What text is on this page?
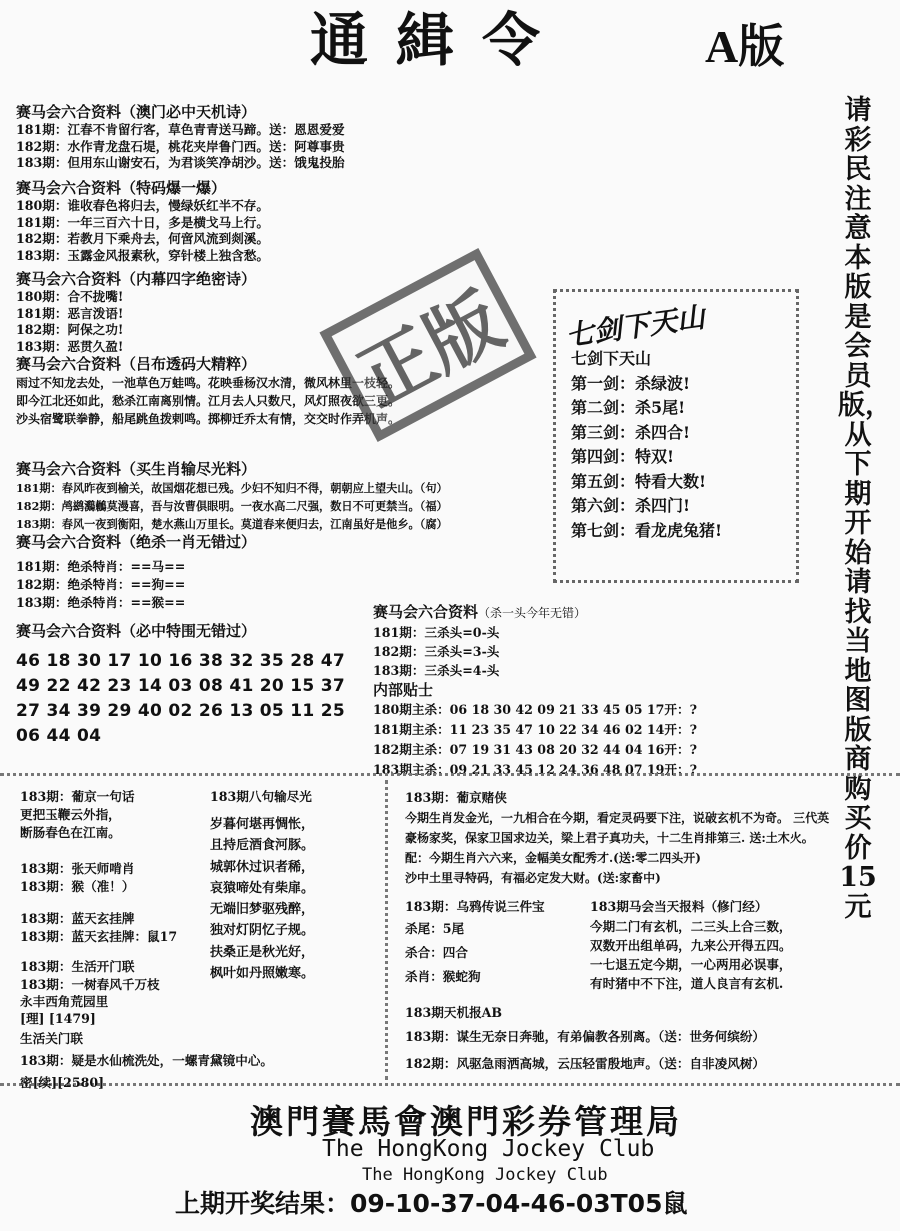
通緝令	A版
请彩民注意本版是会员版，从下期开始请找当地图版商购买价15元
赛马会六合资料（澳门必中天机诗）
181期：江春不肯留行客，草色青青送马蹄。送：恩恩爱爱
182期：水作青龙盘石堤，桃花夹岸鲁门西。送：阿尊事贵
183期：但用东山谢安石，为君谈笑净胡沙。送：饿鬼投胎
赛马会六合资料（特码爆一爆）
180期：谁收春色将归去，慢绿妖红半不存。
181期：一年三百六十日，多是横戈马上行。
182期：若教月下乘舟去，何啻风流到剡溪。
183期：玉露金风报素秋，穿针楼上独含愁。
赛马会六合资料（内幕四字绝密诗）
180期：合不拢嘴!
181期：恶言泼语!
182期：阿保之功!
183期：恶贯久盈!
赛马会六合资料（吕布透码大精粹）
雨过不知龙去处，一池草色万蛙鸣。花映垂杨汉水清，微风林里一枝轻。
即今江北还如此，愁杀江南离别情。江月去人只数尺，风灯照夜欲三更。
沙头宿鹭联拳静，船尾跳鱼拨剌鸣。掷柳迁乔太有情，交交时作弄机声。
正版
赛马会六合资料（买生肖输尽光料）
181期：春风昨夜到榆关，故国烟花想已残。少妇不知归不得，朝朝应上望夫山。（句）
182期：鸬鹚鸂鶒莫漫喜，吾与汝曹俱眼明。一夜水高二尺强，数日不可更禁当。（福）
183期：春风一夜到衡阳，楚水燕山万里长。莫道春来便归去，江南虽好是他乡。（腐）
赛马会六合资料（绝杀一肖无错过）
181期：绝杀特肖：==马==
182期：绝杀特肖：==狗==
183期：绝杀特肖：==猴==
赛马会六合资料（必中特围无错过）
46 18 30 17 10 16 38 32 35 28 47
49 22 42 23 14 03 08 41 20 15 37
27 34 39 29 40 02 26 13 05 11 25
06 44 04
七剑下天山
七剑下天山
第一剑：杀绿波!
第二剑：杀5尾!
第三剑：杀四合!
第四剑：特双!
第五剑：特看大数!
第六剑：杀四门!
第七剑：看龙虎兔猪!
赛马会六合资料（杀一头今年无错）
181期：三杀头=0-头
182期：三杀头=3-头
183期：三杀头=4-头
内部贴士
180期主杀：06 18 30 42 09 21 33 45 05 17开：?
181期主杀：11 23 35 47 10 22 34 46 02 14开：?
182期主杀：07 19 31 43 08 20 32 44 04 16开：?
183期主杀：09 21 33 45 12 24 36 48 07 19开：?
183期：葡京一句话
更把玉鞭云外指，
断肠春色在江南。
183期：张天师啃肖
183期：猴（准！）
183期：蓝天玄挂牌
183期：蓝天玄挂牌：鼠17
183期：生活开门联
183期：一树春风千万枝
永丰西角荒园里
[理] [1479]
生活关门联
183期：疑是水仙梳洗处，一螺青黛镜中心。
密[续][2580]
183期八句输尽光
岁暮何堪再惆怅，
且持卮酒食河豚。
城郭休过识者稀，
哀猿啼处有柴扉。
无端旧梦驱残醉，
独对灯阴忆子规。
扶桑正是秋光好，
枫叶如丹照嫩寒。
183期：葡京赌侠
今期生肖发金光，一九相合在今期，看定灵码要下注，说破玄机不为奇。 三代英
豪杨家奖，保家卫国求边关，梁上君子真功夫，十二生肖排第三. 送:土木火。
配：今期生肖六六来，金幅美女配秀才.(送:零二四头开)
沙中土里寻特码，有福必定发大财。(送:家畜中)
183期：乌鸦传说三件宝
杀尾：5尾
杀合：四合
杀肖：猴蛇狗
183期马会当天报料（修门经）
今期二门有玄机，二三头上合三数，
双数开出组单码，九来公开得五四。
一七退五定今期，一心两用必误事，
有时猪中不下注，道人良言有玄机.
183期天机报AB
183期：谋生无奈日奔驰，有弟偏教各别离。（送：世务何缤纷）
182期：风驱急雨洒高城，云压轻雷殷地声。（送：自非凌风树）
澳門賽馬會澳門彩券管理局
The HongKong Jockey Club
The HongKong Jockey Club
上期开奖结果：09-10-37-04-46-03T05鼠
